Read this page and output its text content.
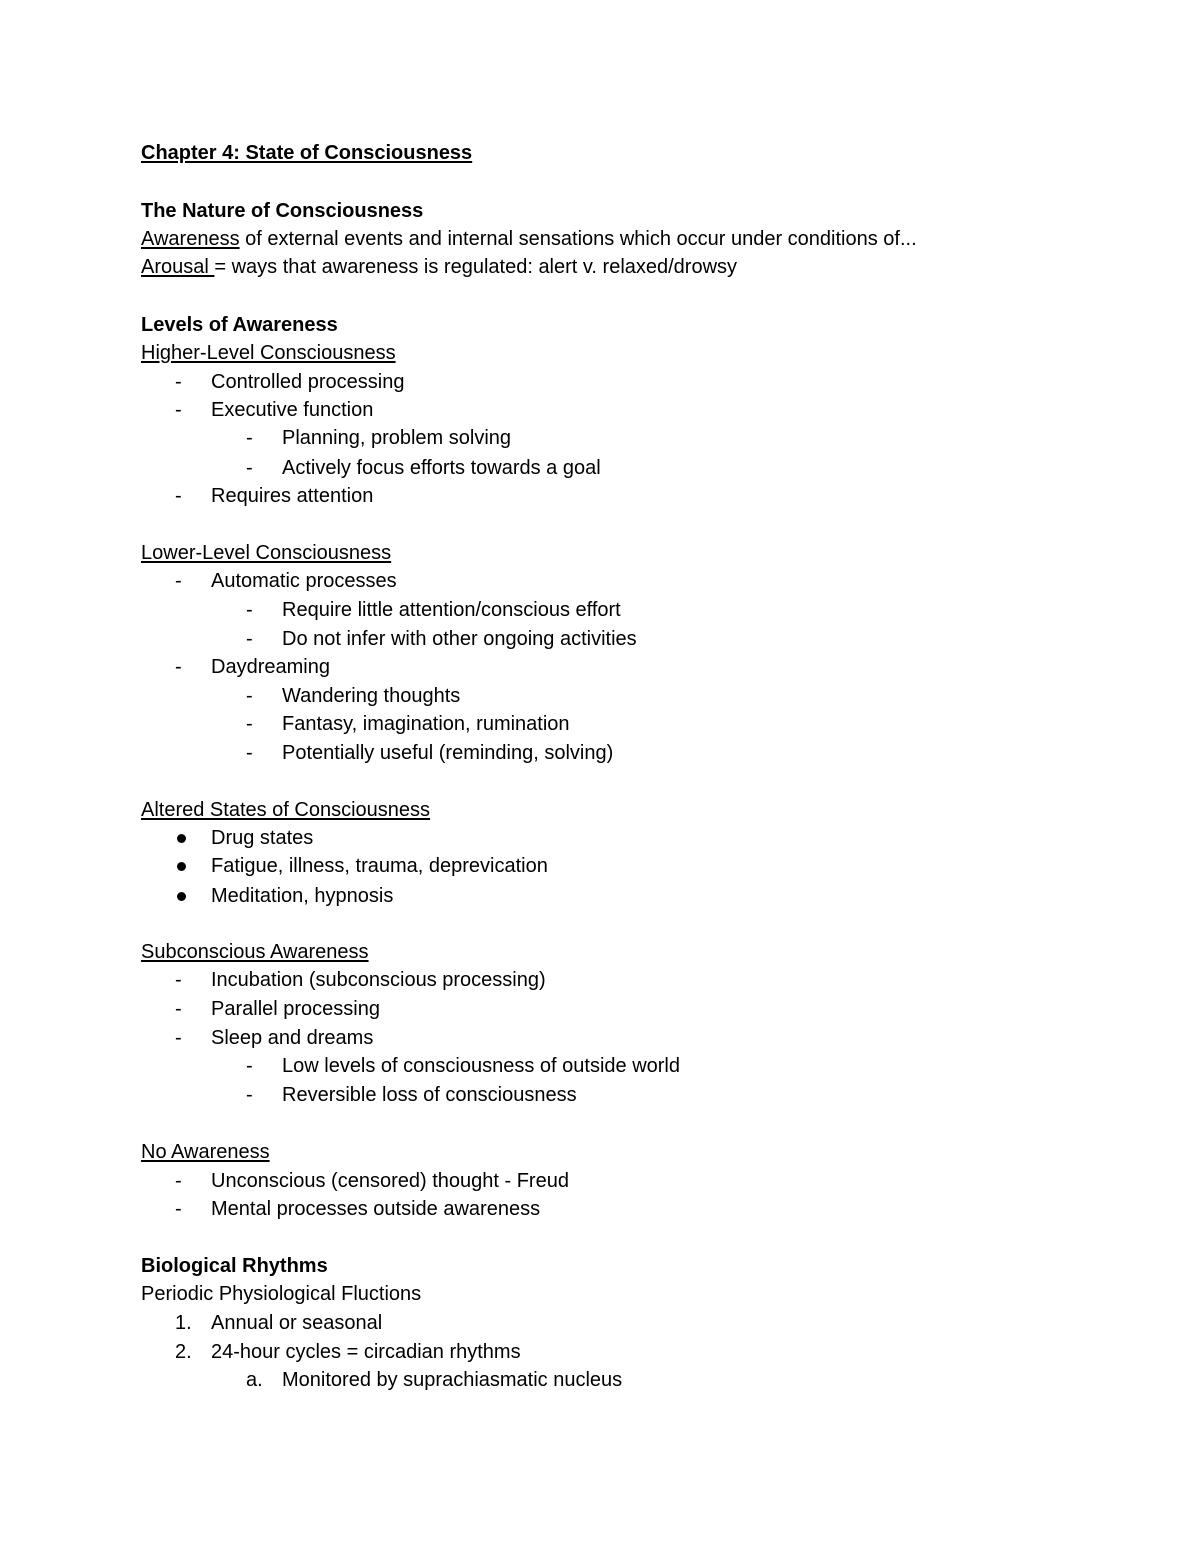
Chapter 4: State of Consciousness
The Nature of Consciousness
Awareness of external events and internal sensations which occur under conditions of...
Arousal = ways that awareness is regulated: alert v. relaxed/drowsy
Levels of Awareness
Higher-Level Consciousness
-	Controlled processing
-	Executive function
-	Planning, problem solving
-	Actively focus efforts towards a goal
-	Requires attention
Lower-Level Consciousness
-	Automatic processes
-	Require little attention/conscious effort
-	Do not infer with other ongoing activities
-	Daydreaming
-	Wandering thoughts
-	Fantasy, imagination, rumination
-	Potentially useful (reminding, solving)
Altered States of Consciousness
Drug states
Fatigue, illness, trauma, deprevication
Meditation, hypnosis
Subconscious Awareness
-	Incubation (subconscious processing)
-	Parallel processing
-	Sleep and dreams
-	Low levels of consciousness of outside world
-	Reversible loss of consciousness
No Awareness
-	Unconscious (censored) thought - Freud
-	Mental processes outside awareness
Biological Rhythms
Periodic Physiological Fluctions
1. Annual or seasonal
2. 24-hour cycles = circadian rhythms
a. Monitored by suprachiasmatic nucleus
